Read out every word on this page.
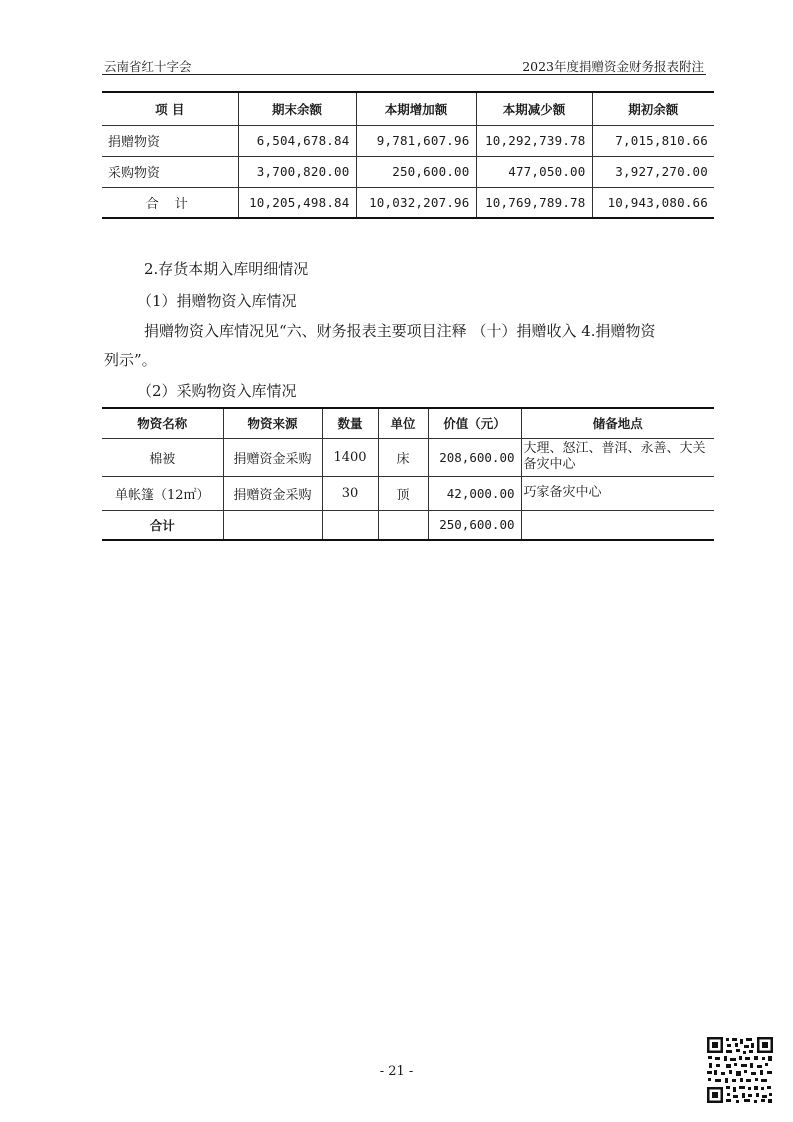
云南省红十字会	2023年度捐赠资金财务报表附注
项 目	期末余额	本期增加额	本期减少额	期初余额
捐赠物资	6,504,678.84	9,781,607.96	10,292,739.78	7,015,810.66
采购物资	3,700,820.00	250,600.00	477,050.00	3,927,270.00
合计	10,205,498.84	10,032,207.96	10,769,789.78	10,943,080.66
2.存货本期入库明细情况
（1）捐赠物资入库情况
捐赠物资入库情况见“六、财务报表主要项目注释 （十）捐赠收入 4.捐赠物资
列示”。
（2）采购物资入库情况
物资名称	物资来源	数量	单位	价值（元）	储备地点
棉被	捐赠资金采购	1400	床	208,600.00	大理、怒江、普洱、永善、大关备灾中心
单帐篷（12㎡）	捐赠资金采购	30	顶	42,000.00	巧家备灾中心
合计				250,600.00	
- 21 -
